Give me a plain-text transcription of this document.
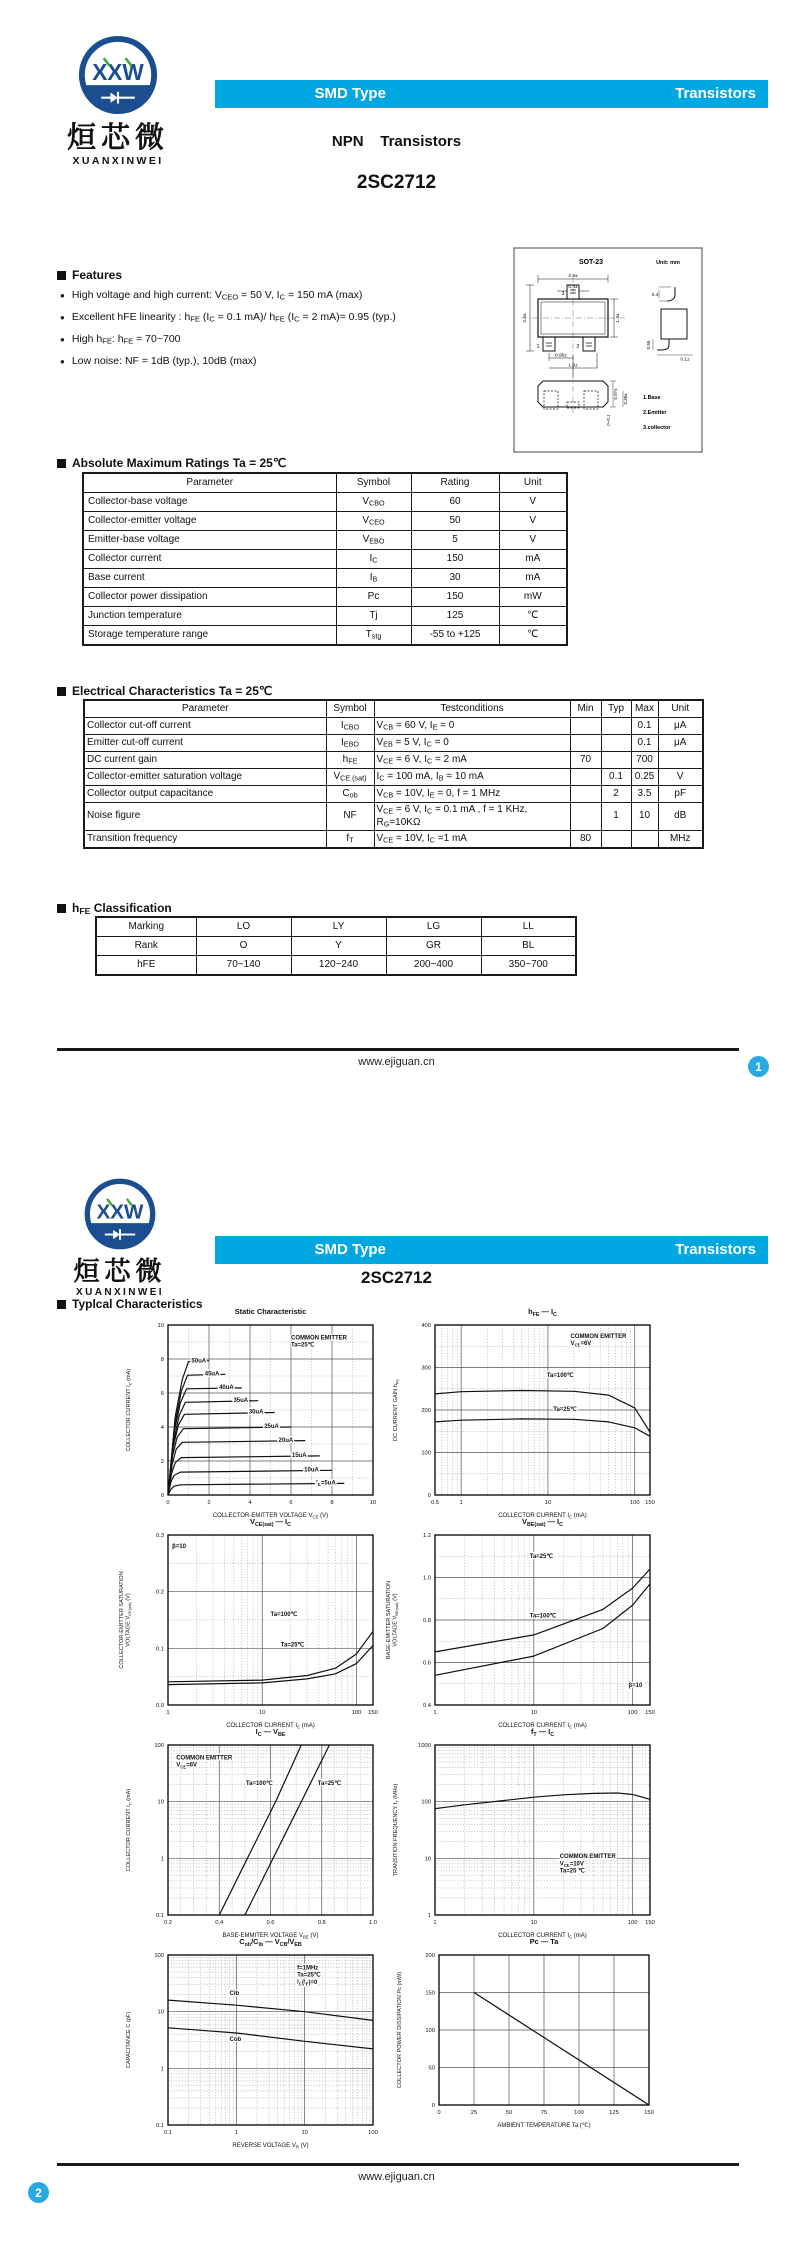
XXW
烜芯微
XUANXINWEI
SMD Type	Transistors
NPN    Transistors
2SC2712
Features
● High voltage and high current: $V_{CEO} = 50$ V, $I_C = 150$ mA (max)
● Excellent hFE linearity : $h_{FE}$ ($I_C = 0.1$ mA)/ $h_{FE}$ ($I_C = 2$ mA)= 0.95 (typ.)
● High $h_{FE}$: $h_{FE}$ = 70~700
● Low noise: NF = 1dB (typ.), 10dB (max)
SOT-23	Unit: mm
3
1	2
2.9±
0.4±
2.4±	1.3±
0.95±
1.9±
0.4
0.55
0.1±
0.97± 0.38±
0~0.1
1.Base
2.Emitter
3.collector
Absolute Maximum Ratings Ta = 25℃
Parameter	Symbol	Rating	Unit
Collector-base voltage	$V_{CBO}$	60	V
Collector-emitter voltage	$V_{CEO}$	50	V
Emitter-base voltage	$V_{EBO}$	5	V
Collector current	$I_C$	150	mA
Base current	$I_B$	30	mA
Collector power dissipation	Pc	150	mW
Junction temperature	Tj	125	℃
Storage temperature range	$T_{stg}$	-55 to +125	℃
Electrical Characteristics Ta = 25℃
Parameter	Symbol	Testconditions	Min	Typ	Max	Unit
Collector cut-off current	$I_{CBO}$	$V_{CB} = 60$ V, $I_E = 0$			0.1	μA
Emitter cut-off current	$I_{EBO}$	$V_{EB} = 5$ V, $I_C = 0$			0.1	μA
DC current gain	$h_{FE}$	$V_{CE} = 6$ V, $I_C = 2$ mA	70		700	
Collector-emitter saturation voltage	$V_{CE (sat)}$	$I_C = 100$ mA, $I_B = 10$ mA		0.1	0.25	V
Collector output capacitance	$C_{ob}$	$V_{CB} = 10V$, $I_E = 0$, f = 1 MHz		2	3.5	pF
Noise figure	NF	$V_{CE} = 6$ V, $I_C = 0.1$ mA , f = 1 KHz,
$R_G=10K\Omega$		1	10	dB
Transition frequency	$f_T$	$V_{CE} = 10V$, $I_C =1$ mA	80			MHz
$h_{FE}$ Classification
Marking	LO	LY	LG	LL
Rank	O	Y	GR	BL
hFE	70~140	120~240	200~400	350~700
www.ejiguan.cn	1
XXW
烜芯微
XUANXINWEI
SMD Type	Transistors
2SC2712
Typlcal Characteristics
www.ejiguan.cn
2
50uA
45uA
40uA
35uA
30uA
25uA
20uA
15uA
10uA
$I_B=5uA$
COMMON EMITTER Ta=25℃
0	2	4	6	8	10
0
2
4
6
8
10
Static Characteristic
COLLECTOR-EMITTER VOLTAGE $V_{CE}$ (V)
COLLECTOR CURRENT $I_C$ (mA)
COMMON EMITTER $V_{CE}=6V$
Ta=100℃
Ta=25℃
0.5	1	10	100 150
0
100
200
300
400
$h_{FE}$ — $I_C$
COLLECTOR CURRENT $I_C$ (mA)
DC CURRENT GAIN $h_{FE}$
β=10
Ta=100℃
Ta=25℃
1	10	100 150
0.0
0.1
0.2
0.3
$V_{CE(sat)}$ — $I_C$
COLLECTOR CURRENT $I_C$ (mA)
COLLECTOR-EMITTER SATURATIONVOLTAGE $V_{CE(sat)}$ (V)
Ta=25℃
Ta=100℃
β=10
1	10	100 150
0.4
0.6
0.8
1.0
1.2
$V_{BE(sat)}$ — $I_C$
COLLECTOR CURRENT $I_C$ (mA)
BASE-EMITTER SATURATIONVOLTAGE $V_{BE(sat)}$ (V)
COMMON EMITTER $V_{CE}=6V$
Ta=100℃	Ta=25℃
0.2	0.4	0.6	0.8	1.0
0.1
1
10
100
$I_C$ — $V_{BE}$
BASE-EMMITER VOLTAGE $V_{BE}$ (V)
COLLECTOR CURRENT $I_C$ (mA)
COMMON EMITTER $V_{CE}=10V$ Ta=25 ℃
1	10	100 150
1
10
100
1000
$f_T$ — $I_C$
COLLECTOR CURRENT $I_C$ (mA)
TRANSITION FREQUENCY $f_T$ (MHz)
f=1MHz Ta=25℃ $I_C(I_E)=0$
Cib
Cob
0.1	1	10	100
0.1
1
10
100
$C_{ob}/C_{ib}$ — $V_{CB}/V_{EB}$
REVERSE VOLTAGE $V_R$ (V)
CAPACITANCE C (pF)
0	25	50	75	100	125	150
0
50
100
150
200
Pc — Ta
AMBIENT TEMPERATURE Ta (℃)
COLLECTOR POWER DISSIPATION Pc (mW)
